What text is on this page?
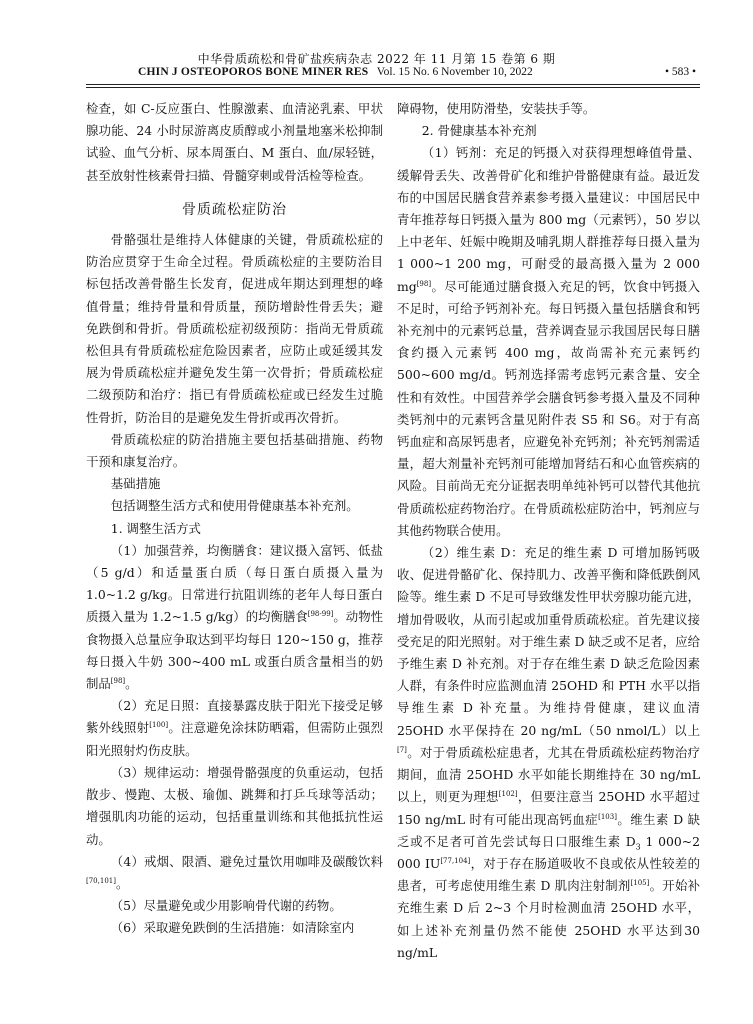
中华骨质疏松和骨矿盐疾病杂志 2022 年 11 月第 15 卷第 6 期
CHIN J OSTEOPOROS BONE MINER RES Vol. 15 No. 6 November 10, 2022	• 583 •

检查，如 C-反应蛋白、性腺激素、血清泌乳素、甲状腺功能、24 小时尿游离皮质醇或小剂量地塞米松抑制试验、血气分析、尿本周蛋白、M 蛋白、血/尿轻链，甚至放射性核素骨扫描、骨髓穿刺或骨活检等检查。

骨质疏松症防治

骨骼强壮是维持人体健康的关键，骨质疏松症的防治应贯穿于生命全过程。骨质疏松症的主要防治目标包括改善骨骼生长发育，促进成年期达到理想的峰值骨量；维持骨量和骨质量，预防增龄性骨丢失；避免跌倒和骨折。骨质疏松症初级预防：指尚无骨质疏松但具有骨质疏松症危险因素者，应防止或延缓其发展为骨质疏松症并避免发生第一次骨折；骨质疏松症二级预防和治疗：指已有骨质疏松症或已经发生过脆性骨折，防治目的是避免发生骨折或再次骨折。

骨质疏松症的防治措施主要包括基础措施、药物干预和康复治疗。

基础措施

包括调整生活方式和使用骨健康基本补充剂。

1. 调整生活方式

（1）加强营养，均衡膳食：建议摄入富钙、低盐（5 g/d）和适量蛋白质（每日蛋白质摄入量为 1.0~1.2 g/kg。日常进行抗阻训练的老年人每日蛋白质摄入量为 1.2~1.5 g/kg）的均衡膳食[98-99]。动物性食物摄入总量应争取达到平均每日 120~150 g，推荐每日摄入牛奶 300~400 mL 或蛋白质含量相当的奶制品[98]。

（2）充足日照：直接暴露皮肤于阳光下接受足够紫外线照射[100]。注意避免涂抹防晒霜，但需防止强烈阳光照射灼伤皮肤。

（3）规律运动：增强骨骼强度的负重运动，包括散步、慢跑、太极、瑜伽、跳舞和打乒乓球等活动；增强肌肉功能的运动，包括重量训练和其他抵抗性运动。

（4）戒烟、限酒、避免过量饮用咖啡及碳酸饮料[70,101]。

（5）尽量避免或少用影响骨代谢的药物。

（6）采取避免跌倒的生活措施：如清除室内

障碍物，使用防滑垫，安装扶手等。

2. 骨健康基本补充剂

（1）钙剂：充足的钙摄入对获得理想峰值骨量、缓解骨丢失、改善骨矿化和维护骨骼健康有益。最近发布的中国居民膳食营养素参考摄入量建议：中国居民中青年推荐每日钙摄入量为 800 mg（元素钙），50 岁以上中老年、妊娠中晚期及哺乳期人群推荐每日摄入量为 1 000~1 200 mg，可耐受的最高摄入量为 2 000 mg[98]。尽可能通过膳食摄入充足的钙，饮食中钙摄入不足时，可给予钙剂补充。每日钙摄入量包括膳食和钙补充剂中的元素钙总量，营养调查显示我国居民每日膳食约摄入元素钙 400 mg，故尚需补充元素钙约500~600 mg/d。钙剂选择需考虑钙元素含量、安全性和有效性。中国营养学会膳食钙参考摄入量及不同种类钙剂中的元素钙含量见附件表 S5 和 S6。对于有高钙血症和高尿钙患者，应避免补充钙剂；补充钙剂需适量，超大剂量补充钙剂可能增加肾结石和心血管疾病的风险。目前尚无充分证据表明单纯补钙可以替代其他抗骨质疏松症药物治疗。在骨质疏松症防治中，钙剂应与其他药物联合使用。

（2）维生素 D：充足的维生素 D 可增加肠钙吸收、促进骨骼矿化、保持肌力、改善平衡和降低跌倒风险等。维生素 D 不足可导致继发性甲状旁腺功能亢进，增加骨吸收，从而引起或加重骨质疏松症。首先建议接受充足的阳光照射。对于维生素 D 缺乏或不足者，应给予维生素 D 补充剂。对于存在维生素 D 缺乏危险因素人群，有条件时应监测血清 25OHD 和 PTH 水平以指导维生素 D 补充量。为维持骨健康，建议血清 25OHD 水平保持在 20 ng/mL（50 nmol/L）以上[7]。对于骨质疏松症患者，尤其在骨质疏松症药物治疗期间，血清 25OHD 水平如能长期维持在 30 ng/mL 以上，则更为理想[102]，但要注意当 25OHD 水平超过 150 ng/mL 时有可能出现高钙血症[103]。维生素 D 缺乏或不足者可首先尝试每日口服维生素 $D_3$ 1 000~2 000 IU[77,104]，对于存在肠道吸收不良或依从性较差的患者，可考虑使用维生素 D 肌肉注射制剂[105]。开始补充维生素 D 后 2~3 个月时检测血清 25OHD 水平，如上述补充剂量仍然不能使 25OHD 水平达到30 ng/mL
